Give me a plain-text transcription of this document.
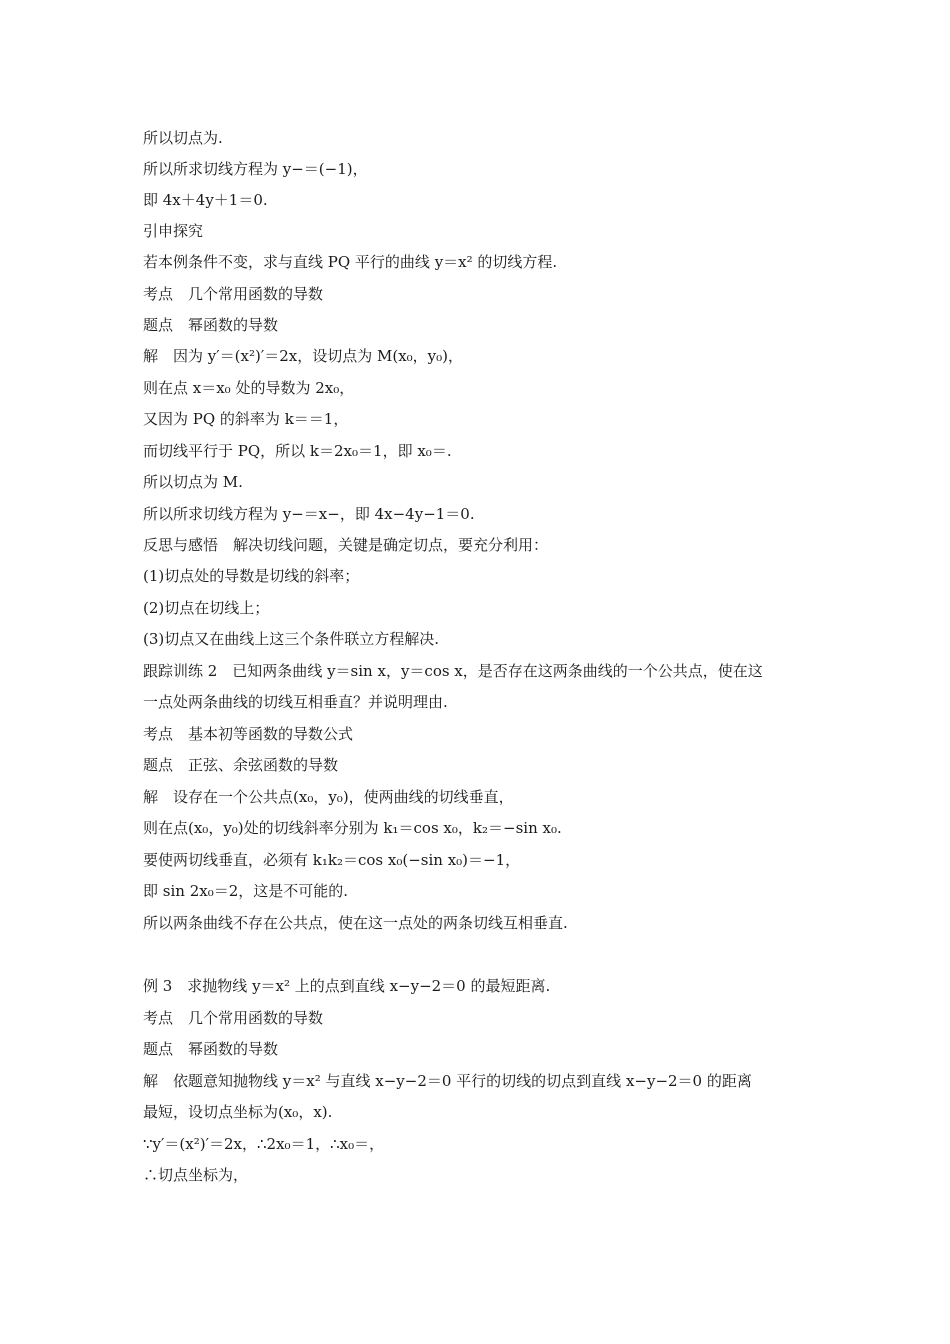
所以切点为.
所以所求切线方程为 y−＝(−1)，
即 4x＋4y＋1＝0.
引申探究
若本例条件不变，求与直线 PQ 平行的曲线 y＝x² 的切线方程.
考点　几个常用函数的导数
题点　幂函数的导数
解　因为 y′＝(x²)′＝2x，设切点为 M(x₀，y₀)，
则在点 x＝x₀ 处的导数为 2x₀，
又因为 PQ 的斜率为 k＝＝1，
而切线平行于 PQ，所以 k＝2x₀＝1，即 x₀＝.
所以切点为 M.
所以所求切线方程为 y−＝x−，即 4x−4y−1＝0.
反思与感悟　解决切线问题，关键是确定切点，要充分利用：
(1)切点处的导数是切线的斜率；
(2)切点在切线上；
(3)切点又在曲线上这三个条件联立方程解决.
跟踪训练 2　已知两条曲线 y＝sin x，y＝cos x，是否存在这两条曲线的一个公共点，使在这
一点处两条曲线的切线互相垂直？并说明理由.
考点　基本初等函数的导数公式
题点　正弦、余弦函数的导数
解　设存在一个公共点(x₀，y₀)，使两曲线的切线垂直，
则在点(x₀，y₀)处的切线斜率分别为 k₁＝cos x₀，k₂＝−sin x₀.
要使两切线垂直，必须有 k₁k₂＝cos x₀(−sin x₀)＝−1，
即 sin 2x₀＝2，这是不可能的.
所以两条曲线不存在公共点，使在这一点处的两条切线互相垂直.
例 3　求抛物线 y＝x² 上的点到直线 x−y−2＝0 的最短距离.
考点　几个常用函数的导数
题点　幂函数的导数
解　依题意知抛物线 y＝x² 与直线 x−y−2＝0 平行的切线的切点到直线 x−y−2＝0 的距离
最短，设切点坐标为(x₀，x).
∵y′＝(x²)′＝2x，∴2x₀＝1，∴x₀＝，
∴切点坐标为，
